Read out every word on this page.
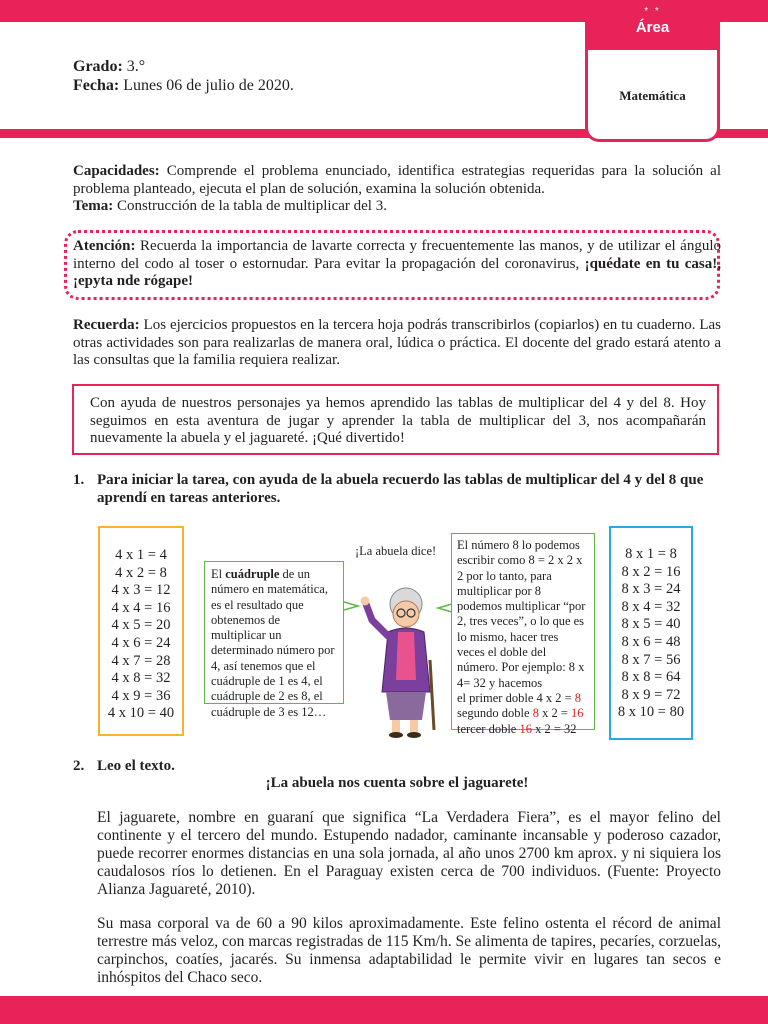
* *
Área
Matemática

Grado: 3.°

Fecha: Lunes 06 de julio de 2020.

Capacidades: Comprende el problema enunciado, identifica estrategias requeridas para la solución al problema planteado, ejecuta el plan de solución, examina la solución obtenida.

Tema: Construcción de la tabla de multiplicar del 3.

Atención: Recuerda la importancia de lavarte correcta y frecuentemente las manos, y de utilizar el ángulo interno del codo al toser o estornudar. Para evitar la propagación del coronavirus, ¡quédate en tu casa!, ¡epyta nde rógape!

Recuerda: Los ejercicios propuestos en la tercera hoja podrás transcribirlos (copiarlos) en tu cuaderno. Las otras actividades son para realizarlas de manera oral, lúdica o práctica. El docente del grado estará atento a las consultas que la familia requiera realizar.

Con ayuda de nuestros personajes ya hemos aprendido las tablas de multiplicar del 4 y del 8. Hoy seguimos en esta aventura de jugar y aprender la tabla de multiplicar del 3, nos acompañarán nuevamente la abuela y el jaguareté. ¡Qué divertido!

1. Para iniciar la tarea, con ayuda de la abuela recuerdo las tablas de multiplicar del 4 y del 8 que aprendí en tareas anteriores.

4 x 1 = 4
4 x 2 = 8
4 x 3 = 12
4 x 4 = 16
4 x 5 = 20
4 x 6 = 24
4 x 7 = 28
4 x 8 = 32
4 x 9 = 36
4 x 10 = 40
El cuádruple de un número en matemática, es el resultado que obtenemos de multiplicar un determinado número por 4, así tenemos que el cuádruple de 1 es 4, el cuádruple de 2 es 8, el cuádruple de 3 es 12…

¡La abuela dice!	El número 8 lo podemos escribir como 8 = 2 x 2 x 2 por lo tanto, para multiplicar por 8 podemos multiplicar “por 2, tres veces”, o lo que es lo mismo, hacer tres veces el doble del número. Por ejemplo: 8 x 4= 32 y hacemos
el primer doble 4 x 2 = 8
segundo doble 8 x 2 = 16
tercer doble 16 x 2 = 32
8 x 1 = 8
8 x 2 = 16
8 x 3 = 24
8 x 4 = 32
8 x 5 = 40
8 x 6 = 48
8 x 7 = 56
8 x 8 = 64
8 x 9 = 72
8 x 10 = 80

2. Leo el texto.

¡La abuela nos cuenta sobre el jaguarete!

El jaguarete, nombre en guaraní que significa “La Verdadera Fiera”, es el mayor felino del continente y el tercero del mundo. Estupendo nadador, caminante incansable y poderoso cazador, puede recorrer enormes distancias en una sola jornada, al año unos 2700 km aprox. y ni siquiera los caudalosos ríos lo detienen. En el Paraguay existen cerca de 700 individuos. (Fuente: Proyecto Alianza Jaguareté, 2010).

Su masa corporal va de 60 a 90 kilos aproximadamente. Este felino ostenta el récord de animal terrestre más veloz, con marcas registradas de 115 Km/h. Se alimenta de tapires, pecaríes, corzuelas, carpinchos, coatíes, jacarés. Su inmensa adaptabilidad le permite vivir en lugares tan secos e inhóspitos del Chaco seco.
